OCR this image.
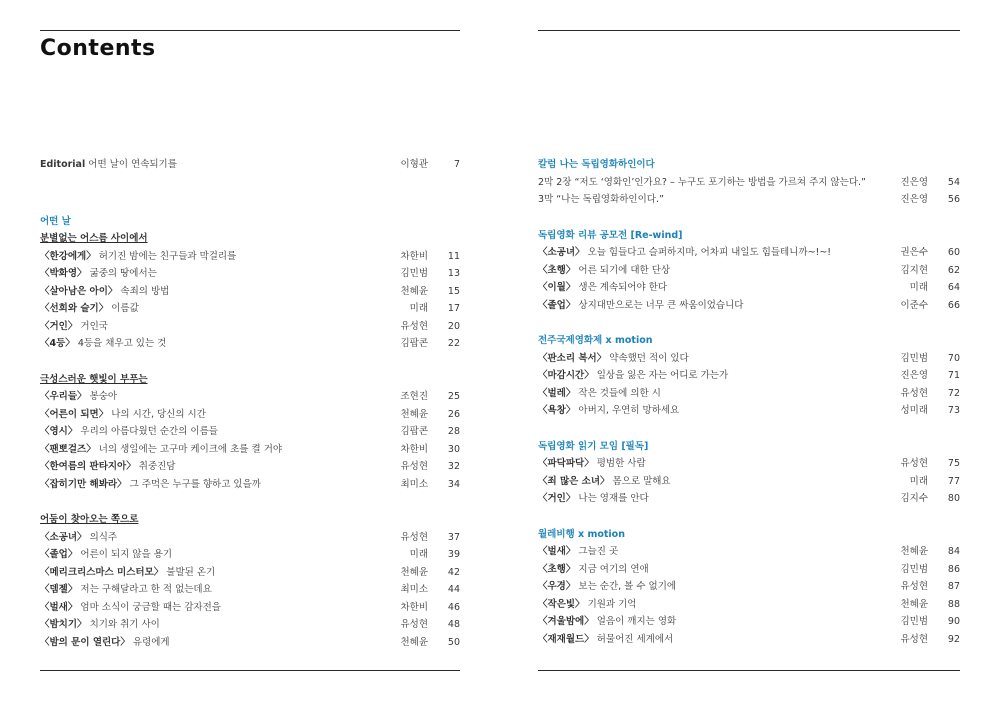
Contents
Editorial 어떤 날이 연속되기를	이형관	7
어떤 날
분별없는 어스름 사이에서
〈한강에게〉 허기진 밤에는 친구들과 막걸리를	차한비	11
〈박화영〉 굶중의 땅에서는	김민범	13
〈살아남은 아이〉 속죄의 방법	천혜윤	15
〈선희와 슬기〉 이름값	미래	17
〈거인〉 거인국	유성현	20
〈4등〉 4등을 채우고 있는 것	김팝콘	22
극성스러운 햇빛이 부푸는
〈우리들〉 봉숭아	조현진	25
〈어른이 되면〉 나의 시간, 당신의 시간	천혜윤	26
〈영시〉 우리의 아름다웠던 순간의 이름들	김팝콘	28
〈팬뽀걸즈〉 너의 생일에는 고구마 케이크에 초를 켤 거야	차한비	30
〈한여름의 판타지아〉 취중진담	유성현	32
〈잡히기만 해봐라〉 그 주먹은 누구를 향하고 있을까	최미소	34
어둠이 찾아오는 쪽으로
〈소공녀〉 의식주	유성현	37
〈졸업〉 어른이 되지 않을 용기	미래	39
〈메리크리스마스 미스터모〉 불발된 온기	천혜윤	42
〈뎀젤〉 저는 구해달라고 한 적 없는데요	최미소	44
〈벌새〉 엄마 소식이 궁금할 때는 감자전을	차한비	46
〈밤치기〉 치기와 취기 사이	유성현	48
〈밤의 문이 열린다〉 유령에게	천혜윤	50
칼럼 나는 독립영화하인이다
2막 2장 “저도 ‘영화인’인가요? – 누구도 포기하는 방법을 가르쳐 주지 않는다.”	진은영	54
3막 “나는 독립영화하인이다.”	진은영	56
독립영화 리뷰 공모전 [Re-wind]
〈소공녀〉 오늘 힘들다고 슬퍼하지마, 어차피 내일도 힘들테니까~!~!	권은수	60
〈초행〉 어른 되기에 대한 단상	김지현	62
〈이월〉 생은 계속되어야 한다	미래	64
〈졸업〉 상지대만으로는 너무 큰 싸움이었습니다	이준수	66
전주국제영화제 x motion
〈판소리 복서〉 약속했던 적이 있다	김민범	70
〈마감시간〉 일상을 잃은 자는 어디로 가는가	진은영	71
〈벌레〉 작은 것들에 의한 시	유성현	72
〈욕창〉 아버지, 우연히 망하세요	성미래	73
독립영화 읽기 모임 [필독]
〈파닥파닥〉 평범한 사람	유성현	75
〈죄 많은 소녀〉 몸으로 말해요	미래	77
〈거인〉 나는 영재를 안다	김지수	80
월레비행 x motion
〈벌새〉 그늘진 곳	천혜윤	84
〈초행〉 지금 여기의 연애	김민범	86
〈우경〉 보는 순간, 볼 수 없기에	유성현	87
〈작은빛〉 기원과 기억	천혜윤	88
〈겨울밤에〉 얼음이 깨지는 영화	김민범	90
〈재재월드〉 허물어진 세계에서	유성현	92
